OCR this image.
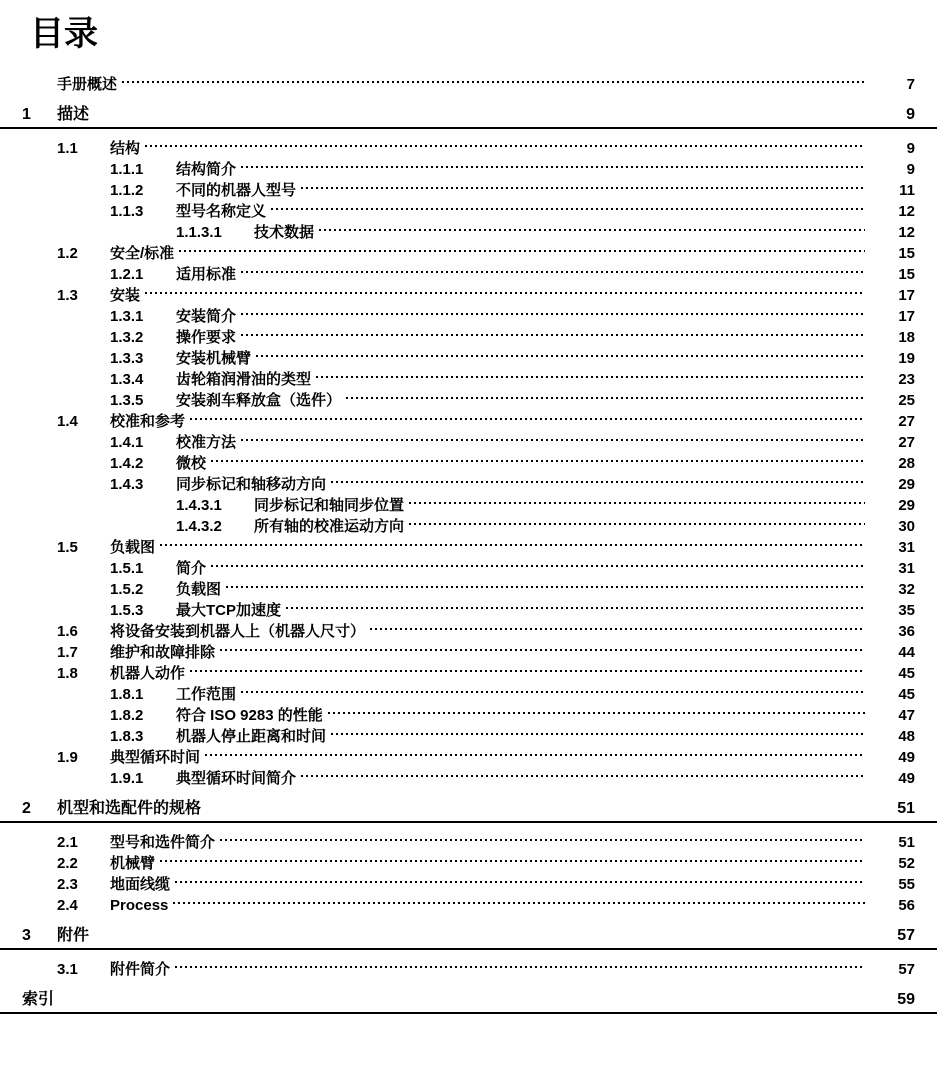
目录
手册概述	7
1	描述	9
1.1	结构	9
1.1.1	结构简介	9
1.1.2	不同的机器人型号	11
1.1.3	型号名称定义	12
1.1.3.1	技术数据	12
1.2	安全/标准	15
1.2.1	适用标准	15
1.3	安装	17
1.3.1	安装简介	17
1.3.2	操作要求	18
1.3.3	安装机械臂	19
1.3.4	齿轮箱润滑油的类型	23
1.3.5	安装刹车释放盒（选件）	25
1.4	校准和参考	27
1.4.1	校准方法	27
1.4.2	微校	28
1.4.3	同步标记和轴移动方向	29
1.4.3.1	同步标记和轴同步位置	29
1.4.3.2	所有轴的校准运动方向	30
1.5	负载图	31
1.5.1	简介	31
1.5.2	负载图	32
1.5.3	最大TCP加速度	35
1.6	将设备安装到机器人上（机器人尺寸）	36
1.7	维护和故障排除	44
1.8	机器人动作	45
1.8.1	工作范围	45
1.8.2	符合 ISO 9283 的性能	47
1.8.3	机器人停止距离和时间	48
1.9	典型循环时间	49
1.9.1	典型循环时间简介	49
2	机型和选配件的规格	51
2.1	型号和选件简介	51
2.2	机械臂	52
2.3	地面线缆	55
2.4	Process	56
3	附件	57
3.1	附件简介	57
索引	59
